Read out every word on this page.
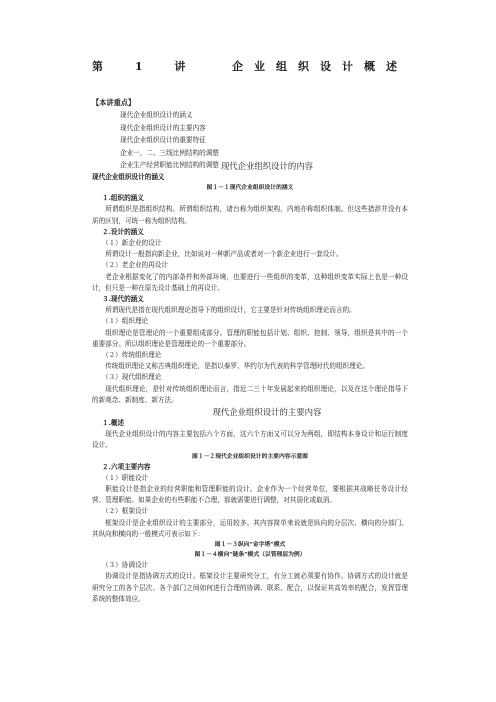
第 1 讲	企业组织设计概述
【本讲重点】
现代企业组织设计的涵义
现代企业组织设计的主要内容
现代企业组织设计的重要特征
企业一、二、三线比例结构的调整
企业生产经营职能比例结构的调整 现代企业组织设计的内容
现代企业组织设计的涵义
图１－１现代企业组织设计的涵义
１.组织的涵义
所谓组织是指组织结构。所谓组织结构，诸台称为组织架构，内地亦称组织体制。但这些措辞并没有本质的区别，可统一称为组织结构。
２.设计的涵义
（１）新企业的设计
所谓设计一般指向新企业，比如说对一种新产品或者对一个新企业进行一套设计。
（２）老企业的再设计
老企业根据变化了的内部条件和外部环境，也要进行一些组织的变革，这种组织变革实际上也是一种设计，但只是一种在原先设计基础上的再设计。
３.现代的涵义
所谓现代是指在现代组织理论指导下的组织设计，它主要是针对传统组织理论而言的。
（１）组织理论
组织理论是管理论的一个重要组成部分。管理的职能包括计划、组织、控制、领导，组织是其中的一个重要部分。所以组织理论是管理理论的一个重要部分。
（２）传统组织理论
传统组织理论又称古典组织理论，是指以泰罗、华约尔为代表的科学管理时代的组织理论。
（３）现代组织理论
现代组织理论，是针对传统组织理论而言，指近二三十年发展起来的组织理论，以及在这个理论指导下的新观念、新制度、新方法。
现代企业组织设计的主要内容
１.概述
现代企业组织设计的内容主要包括六个方面，这六个方面又可以分为两组，即结构本身设计和运行制度设计。
图１－２现代企业组织设计的主要内容示意图
２.六项主要内容
（１）职能设计
职能设计是指企业的经营职能和管理职能的设计。企业作为一个经营单位，要根据其战略任务设计经营、管理职能。如果企业的有些职能不合理，那就需要进行调整，对其弱化或取消。
（２）框架设计
框架设计是企业组织设计的主要部分，运用较多。其内容简单来说就是纵向的分层次、横向的分部门。其纵向和横向的一般模式可表示如下：
图１－３纵向“金字塔”模式
图１－４横向“链条”模式（以管理层为例）
（３）协调设计
协调设计是指协调方式的设计。框架设计主要研究分工，有分工就必须要有协作。协调方式的设计就是研究分工的各个层次、各个部门之间如何进行合理的协调、联系、配合，以保证其高效率的配合，发挥管理系统的整体效应。
